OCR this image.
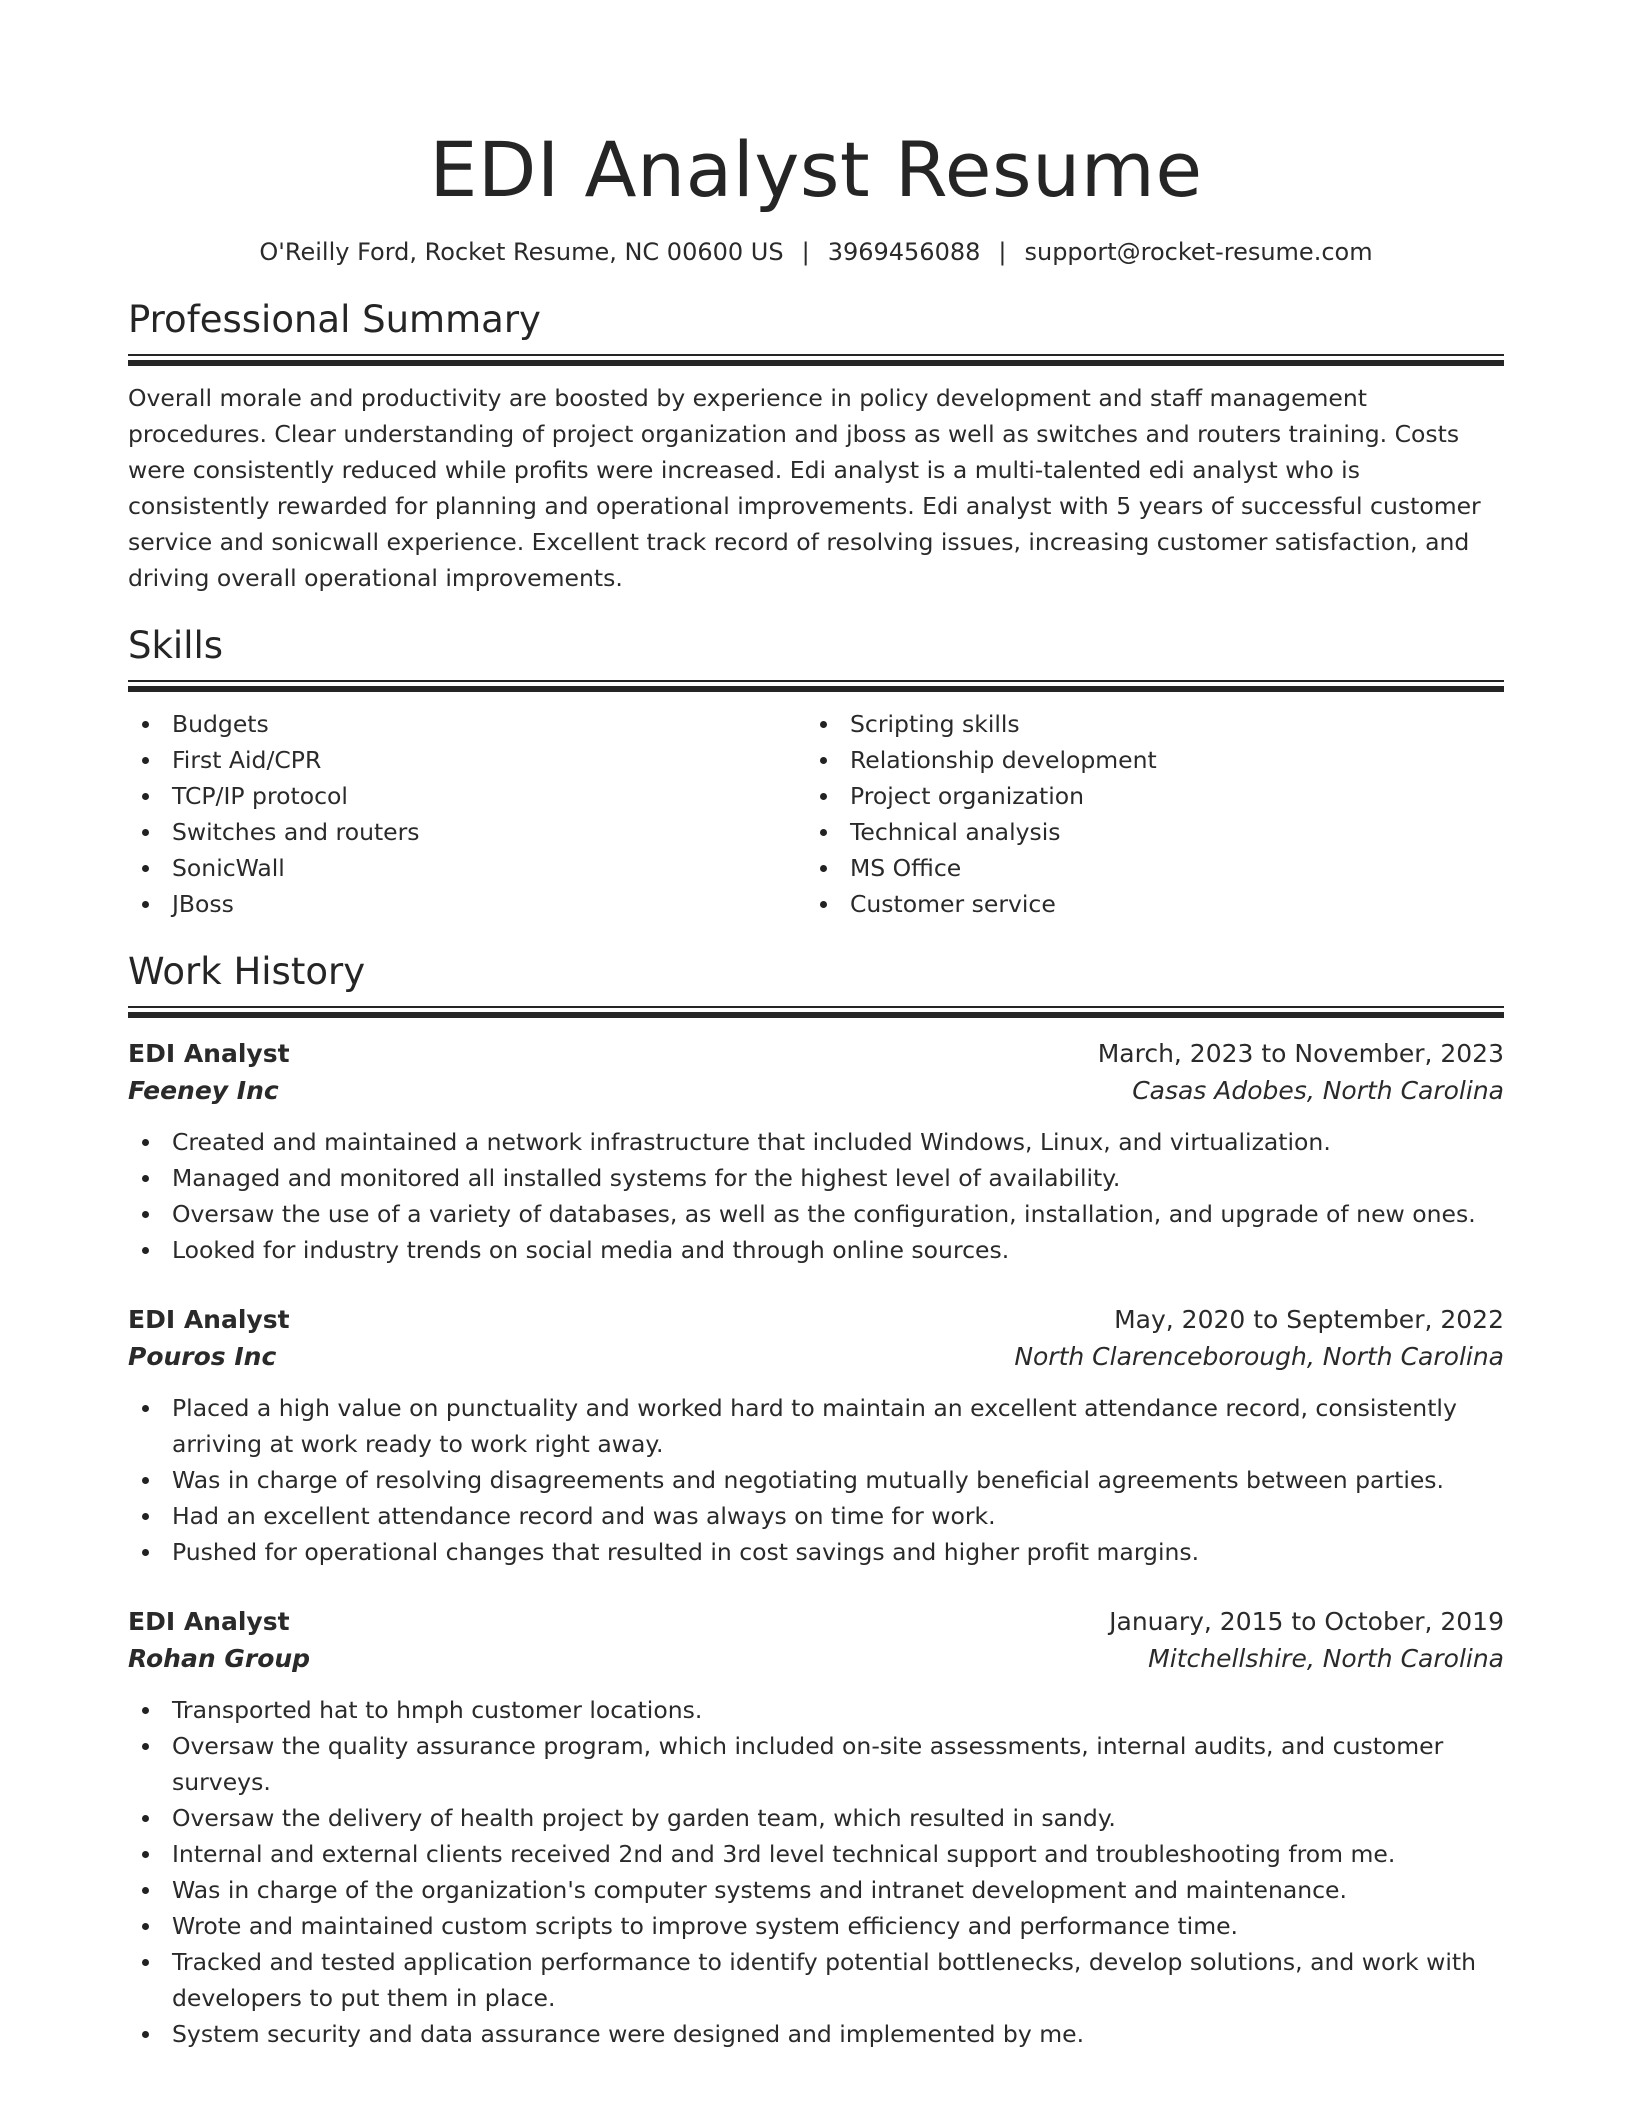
EDI Analyst Resume
O'Reilly Ford, Rocket Resume, NC 00600 US | 3969456088 | support@rocket-resume.com
Professional Summary
Overall morale and productivity are boosted by experience in policy development and staff management procedures. Clear understanding of project organization and jboss as well as switches and routers training. Costs were consistently reduced while profits were increased. Edi analyst is a multi-talented edi analyst who is consistently rewarded for planning and operational improvements. Edi analyst with 5 years of successful customer service and sonicwall experience. Excellent track record of resolving issues, increasing customer satisfaction, and driving overall operational improvements.
Skills
Budgets
First Aid/CPR
TCP/IP protocol
Switches and routers
SonicWall
JBoss
Scripting skills
Relationship development
Project organization
Technical analysis
MS Office
Customer service
Work History
EDI Analyst	March, 2023 to November, 2023
Feeney Inc	Casas Adobes, North Carolina
Created and maintained a network infrastructure that included Windows, Linux, and virtualization.
Managed and monitored all installed systems for the highest level of availability.
Oversaw the use of a variety of databases, as well as the configuration, installation, and upgrade of new ones.
Looked for industry trends on social media and through online sources.
EDI Analyst	May, 2020 to September, 2022
Pouros Inc	North Clarenceborough, North Carolina
Placed a high value on punctuality and worked hard to maintain an excellent attendance record, consistently arriving at work ready to work right away.
Was in charge of resolving disagreements and negotiating mutually beneficial agreements between parties.
Had an excellent attendance record and was always on time for work.
Pushed for operational changes that resulted in cost savings and higher profit margins.
EDI Analyst	January, 2015 to October, 2019
Rohan Group	Mitchellshire, North Carolina
Transported hat to hmph customer locations.
Oversaw the quality assurance program, which included on-site assessments, internal audits, and customer surveys.
Oversaw the delivery of health project by garden team, which resulted in sandy.
Internal and external clients received 2nd and 3rd level technical support and troubleshooting from me.
Was in charge of the organization's computer systems and intranet development and maintenance.
Wrote and maintained custom scripts to improve system efficiency and performance time.
Tracked and tested application performance to identify potential bottlenecks, develop solutions, and work with developers to put them in place.
System security and data assurance were designed and implemented by me.
